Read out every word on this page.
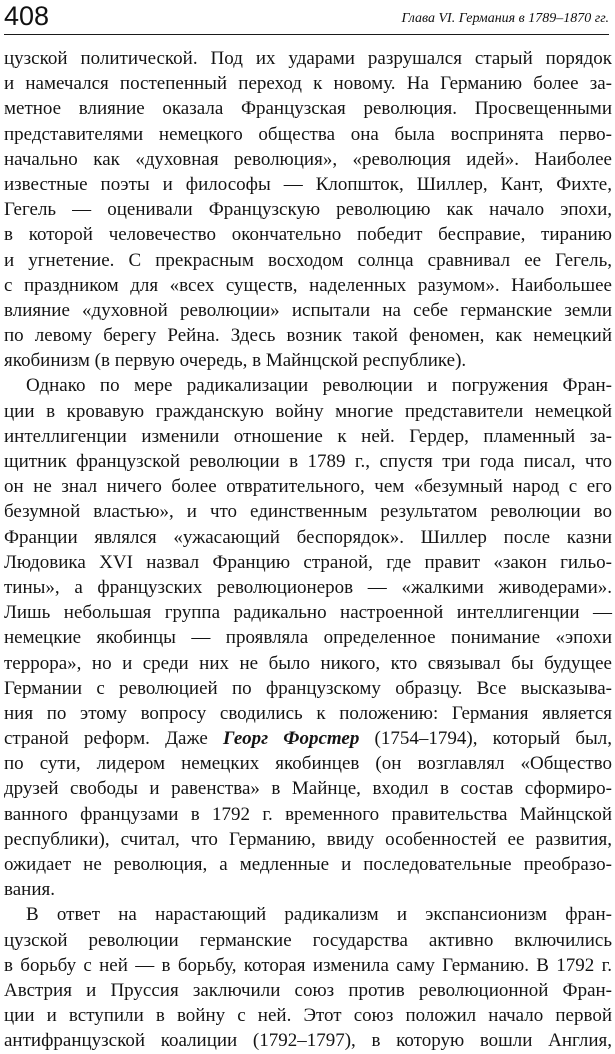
408	Глава VI. Германия в 1789–1870 гг.
цузской политической. Под их ударами разрушался старый порядок
и намечался постепенный переход к новому. На Германию более за-
метное влияние оказала Французская революция. Просвещенными
представителями немецкого общества она была воспринята перво-
начально как «духовная революция», «революция идей». Наиболее
известные поэты и философы — Клопшток, Шиллер, Кант, Фихте,
Гегель — оценивали Французскую революцию как начало эпохи,
в которой человечество окончательно победит бесправие, тиранию
и угнетение. С прекрасным восходом солнца сравнивал ее Гегель,
с праздником для «всех существ, наделенных разумом». Наибольшее
влияние «духовной революции» испытали на себе германские земли
по левому берегу Рейна. Здесь возник такой феномен, как немецкий
якобинизм (в первую очередь, в Майнцской республике).
Однако по мере радикализации революции и погружения Фран-
ции в кровавую гражданскую войну многие представители немецкой
интеллигенции изменили отношение к ней. Гердер, пламенный за-
щитник французской революции в 1789 г., спустя три года писал, что
он не знал ничего более отвратительного, чем «безумный народ с его
безумной властью», и что единственным результатом революции во
Франции являлся «ужасающий беспорядок». Шиллер после казни
Людовика XVI назвал Францию страной, где правит «закон гильо-
тины», а французских революционеров — «жалкими живодерами».
Лишь небольшая группа радикально настроенной интеллигенции —
немецкие якобинцы — проявляла определенное понимание «эпохи
террора», но и среди них не было никого, кто связывал бы будущее
Германии с революцией по французскому образцу. Все высказыва-
ния по этому вопросу сводились к положению: Германия является
страной реформ. Даже Георг Форстер (1754–1794), который был,
по сути, лидером немецких якобинцев (он возглавлял «Общество
друзей свободы и равенства» в Майнце, входил в состав сформиро-
ванного французами в 1792 г. временного правительства Майнцской
республики), считал, что Германию, ввиду особенностей ее развития,
ожидает не революция, а медленные и последовательные преобразо-
вания.
В ответ на нарастающий радикализм и экспансионизм фран-
цузской революции германские государства активно включились
в борьбу с ней — в борьбу, которая изменила саму Германию. В 1792 г.
Австрия и Пруссия заключили союз против революционной Фран-
ции и вступили в войну с ней. Этот союз положил начало первой
антифранцузской коалиции (1792–1797), в которую вошли Англия,
